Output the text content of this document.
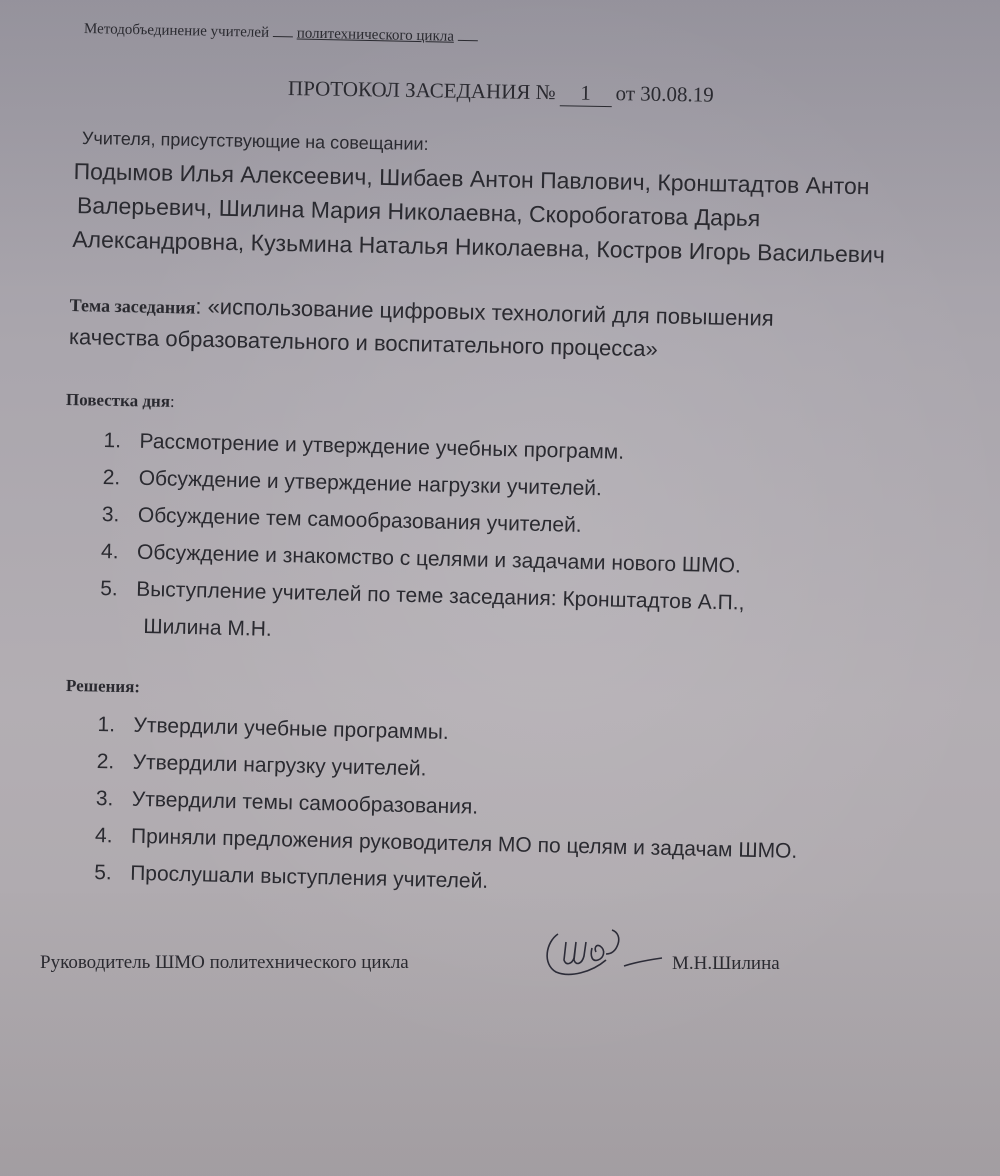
Методобъединение учителей политехнического цикла
ПРОТОКОЛ ЗАСЕДАНИЯ № 1 от 30.08.19
Учителя, присутствующие на совещании:
Подымов Илья Алексеевич, Шибаев Антон Павлович, Кронштадтов Антон
Валерьевич, Шилина Мария Николаевна, Скоробогатова Дарья
Александровна, Кузьмина Наталья Николаевна, Костров Игорь Васильевич
Тема заседания: «использование цифровых технологий для повышения
качества образовательного и воспитательного процесса»
Повестка дня:
1. Рассмотрение и утверждение учебных программ.
2. Обсуждение и утверждение нагрузки учителей.
3. Обсуждение тем самообразования учителей.
4. Обсуждение и знакомство с целями и задачами нового ШМО.
5. Выступление учителей по теме заседания: Кронштадтов А.П.,
Шилина М.Н.
Решения:
1. Утвердили учебные программы.
2. Утвердили нагрузку учителей.
3. Утвердили темы самообразования.
4. Приняли предложения руководителя МО по целям и задачам ШМО.
5. Прослушали выступления учителей.
Руководитель ШМО политехнического цикла	М.Н.Шилина
